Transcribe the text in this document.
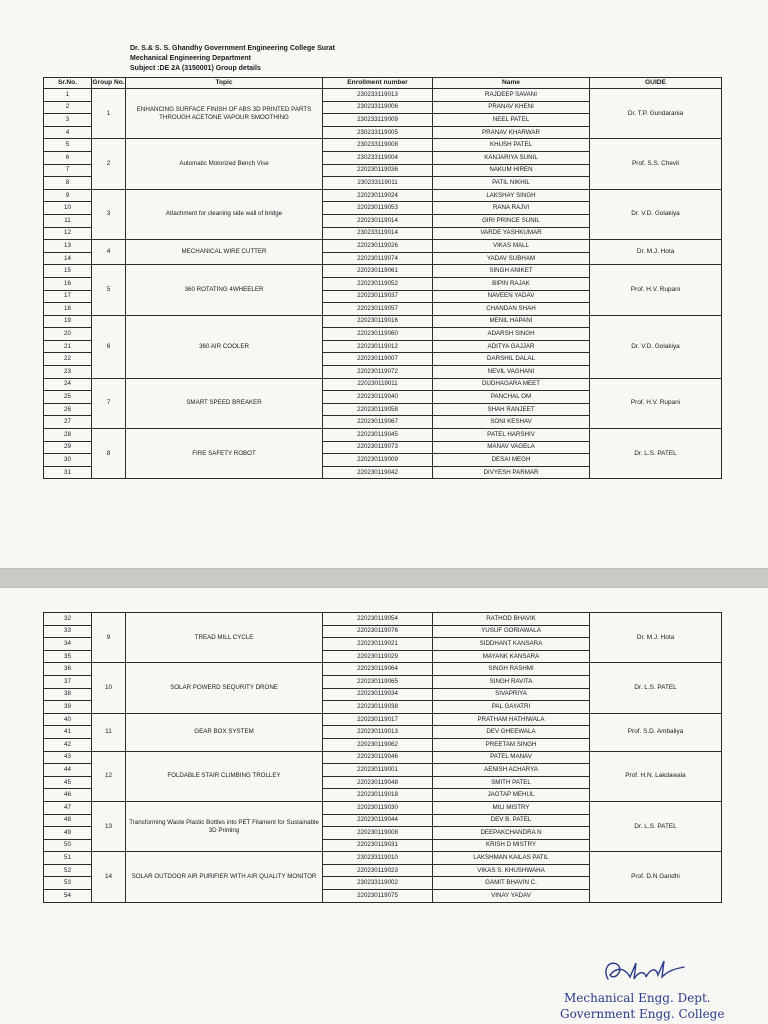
Dr. S.& S. S. Ghandhy Government Engineering College Surat
Mechanical Engineering Department
Subject :DE 2A (3150001) Group details
Sr.No.	Group No.	Topic	Enrollment number	Name	GUIDE
1	1	ENHANCING SURFACE FINISH OF ABS 3D PRINTED PARTS THROUGH ACETONE VAPOUR SMOOTHING	230233119013	RAJDEEP SAVANI	Dr. T.P. Gundarania
2			230233119006	PRANAV KHENI	
3			230233119009	NEEL PATEL	
4			230233119005	PRANAV KHARWAR	
5	2	Automatic Motorized Bench Vise	230233119008	KHUSH PATEL	Prof. S.S. Chevli
6			230233119004	KANJARIYA SUNIL	
7			220230119036	NAKUM HIREN	
8			230233119011	PATIL NIKHIL	
9	3	Attachment for cleaning side wall of bridge	220230119024	LAKSHAY SINGH	Dr. V.D. Golakiya
10			220230119053	RANA RAJVI	
11			220230119014	GIRI PRINCE SUNIL	
12			230233119014	VARDE YASHKUMAR	
13	4	MECHANICAL WIRE CUTTER	220230119026	VIKAS MALL	Dr. M.J. Hota
14			220230119074	YADAV SUBHAM	
15	5	360 ROTATING 4WHEELER	220230119061	SINGH ANIKET	Prof. H.V. Rupani
16			220230119052	BIPIN RAJAK	
17			220230119037	NAVEEN YADAV	
18			220230119057	CHANDAN SHAH	
19	6	360 AIR COOLER	220230119016	MENIL HAPANI	Dr. V.D. Golakiya
20			220230119060	ADARSH SINGH	
21			220230119012	ADITYA GAJJAR	
22			220230119007	DARSHIL DALAL	
23			220230119072	NEVIL VAGHANI	
24	7	SMART SPEED BREAKER	220230119011	DUDHAGARA MEET	Prof. H.V. Rupani
25			220230119040	PANCHAL OM	
26			220230119058	SHAH RANJEET	
27			220230119067	SONI KESHAV	
28	8	FIRE SAFETY ROBOT	220230119045	PATEL HARSHIV	Dr. L.S. PATEL
29			220230119073	MANAV VAGELA	
30			220230119009	DESAI MEGH	
31			220230119042	DIVYESH PARMAR	
32	9	TREAD MILL CYCLE	220230119054	RATHOD BHAVIK	Dr. M.J. Hota
33			220230119076	YUSUF GORIAWALA	
34			220230119021	SIDDHANT KANSARA	
35			220230119029	MAYANK KANSARA	
36	10	SOLAR POWERD SEQURITY DRONE	220230119064	SINGH RASHMI	Dr. L.S. PATEL
37			220230119065	SINGH RAVITA	
38			220230119034	SIVAPRIYA	
39			220230119038	PAL GAYATRI	
40	11	GEAR BOX SYSTEM	220230119017	PRATHAM HATHIWALA	Prof. S.D. Ambaliya
41			220230119013	DEV GHEEWALA	
42			220230119062	PREETAM SINGH	
43	12	FOLDABLE STAIR CLIMBING TROLLEY	220230119046	PATEL MANAV	Prof. H.N. Lakdawala
44			220230119001	AENISH ACHARYA	
45			220230119048	SMITH PATEL	
46			220230119018	JAGTAP MEHUL	
47	13	Transforming Waste Plastic Bottles into PET Filament for Sustainable 3D Printing	220230119030	MILI MISTRY	Dr. L.S. PATEL
48			220230119044	DEV B. PATEL	
49			220230119008	DEEPAKCHANDRA N	
50			220230119031	KRISH D MISTRY	
51	14	SOLAR OUTDOOR AIR PURIFIER WITH AIR QUALITY MONITOR	230233119010	LAKSHMAN KAILAS PATIL	Prof. D.N Gandhi
52			220230119023	VIKAS S. KHUSHWAHA	
53			230233119002	GAMIT BHAVIN C.	
54			220230119075	VINAY YADAV	
Mechanical Engg. Dept.
Government Engg. College
